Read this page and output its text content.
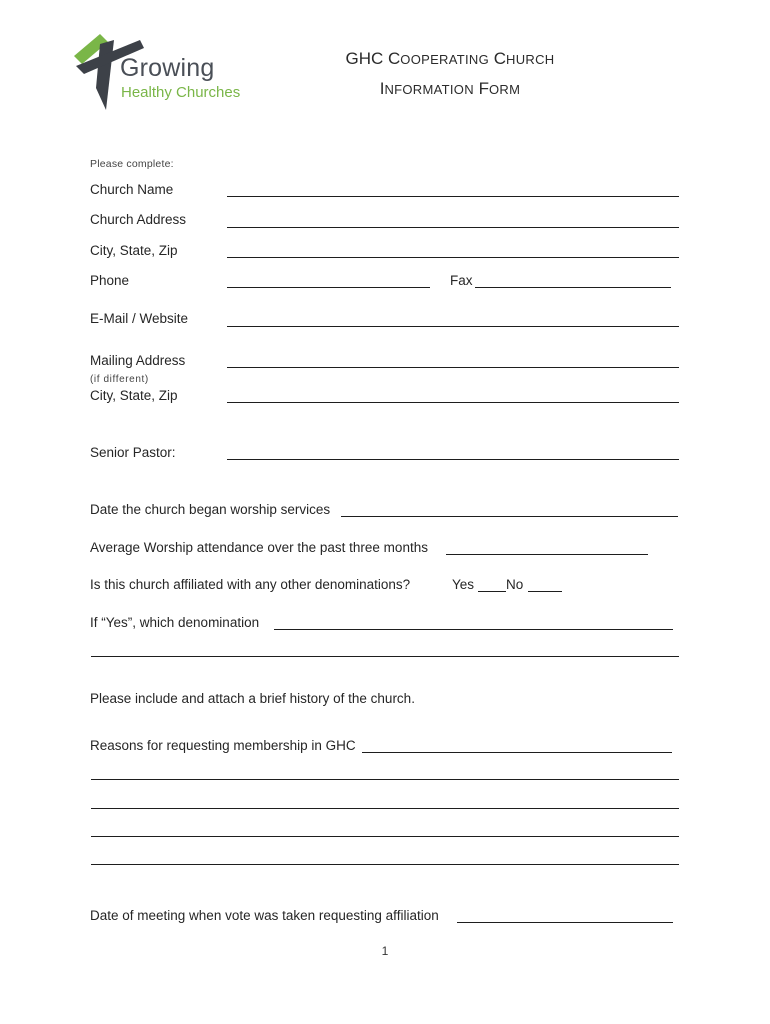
Growing
Healthy Churches
GHC COOPERATING CHURCH
INFORMATION FORM
Please complete:
Church Name
Church Address
City, State, Zip
Phone	Fax
E-Mail / Website
Mailing Address
(if different)
City, State, Zip
Senior Pastor:
Date the church began worship services
Average Worship attendance over the past three months
Is this church affiliated with any other denominations?	Yes No
If “Yes”, which denomination
Please include and attach a brief history of the church.
Reasons for requesting membership in GHC
Date of meeting when vote was taken requesting affiliation
1
